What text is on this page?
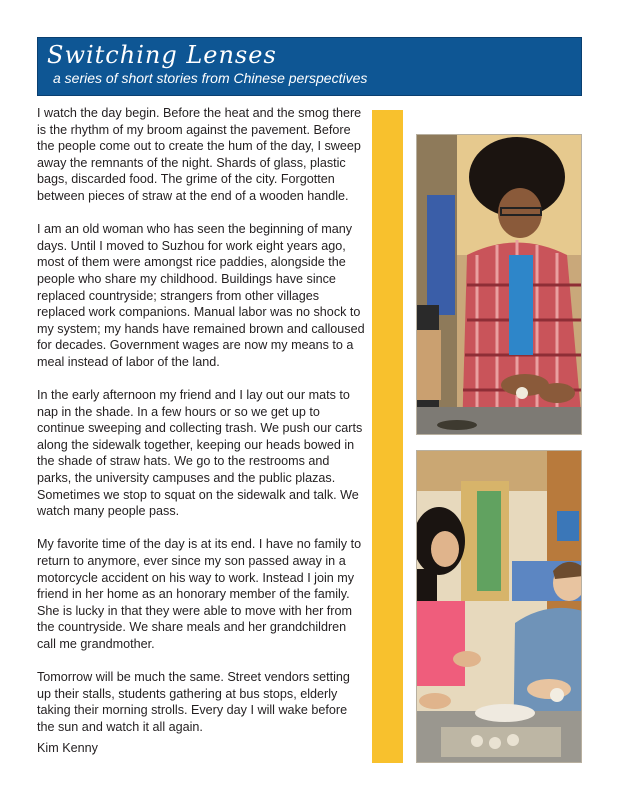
Switching Lenses
a series of short stories from Chinese perspectives

I watch the day begin. Before the heat and the smog there is the rhythm of my broom against the pavement. Before the people come out to create the hum of the day, I sweep away the remnants of the night. Shards of glass, plastic bags, discarded food. The grime of the city. Forgotten between pieces of straw at the end of a wooden handle.

I am an old woman who has seen the beginning of many days. Until I moved to Suzhou for work eight years ago, most of them were amongst rice paddies, alongside the people who share my childhood. Buildings have since replaced countryside; strangers from other villages replaced work companions. Manual labor was no shock to my system; my hands have remained brown and calloused for decades. Government wages are now my means to a meal instead of labor of the land.

In the early afternoon my friend and I lay out our mats to nap in the shade. In a few hours or so we get up to continue sweeping and collecting trash. We push our carts along the sidewalk together, keeping our heads bowed in the shade of straw hats. We go to the restrooms and parks, the university campuses and the public plazas. Sometimes we stop to squat on the sidewalk and talk. We watch many people pass.

My favorite time of the day is at its end. I have no family to return to anymore, ever since my son passed away in a motorcycle accident on his way to work. Instead I join my friend in her home as an honorary member of the family. She is lucky in that they were able to move with her from the countryside. We share meals and her grandchildren call me grandmother.

Tomorrow will be much the same. Street vendors setting up their stalls, students gathering at bus stops, elderly taking their morning strolls. Every day I will wake before the sun and watch it all again.

Kim Kenny
